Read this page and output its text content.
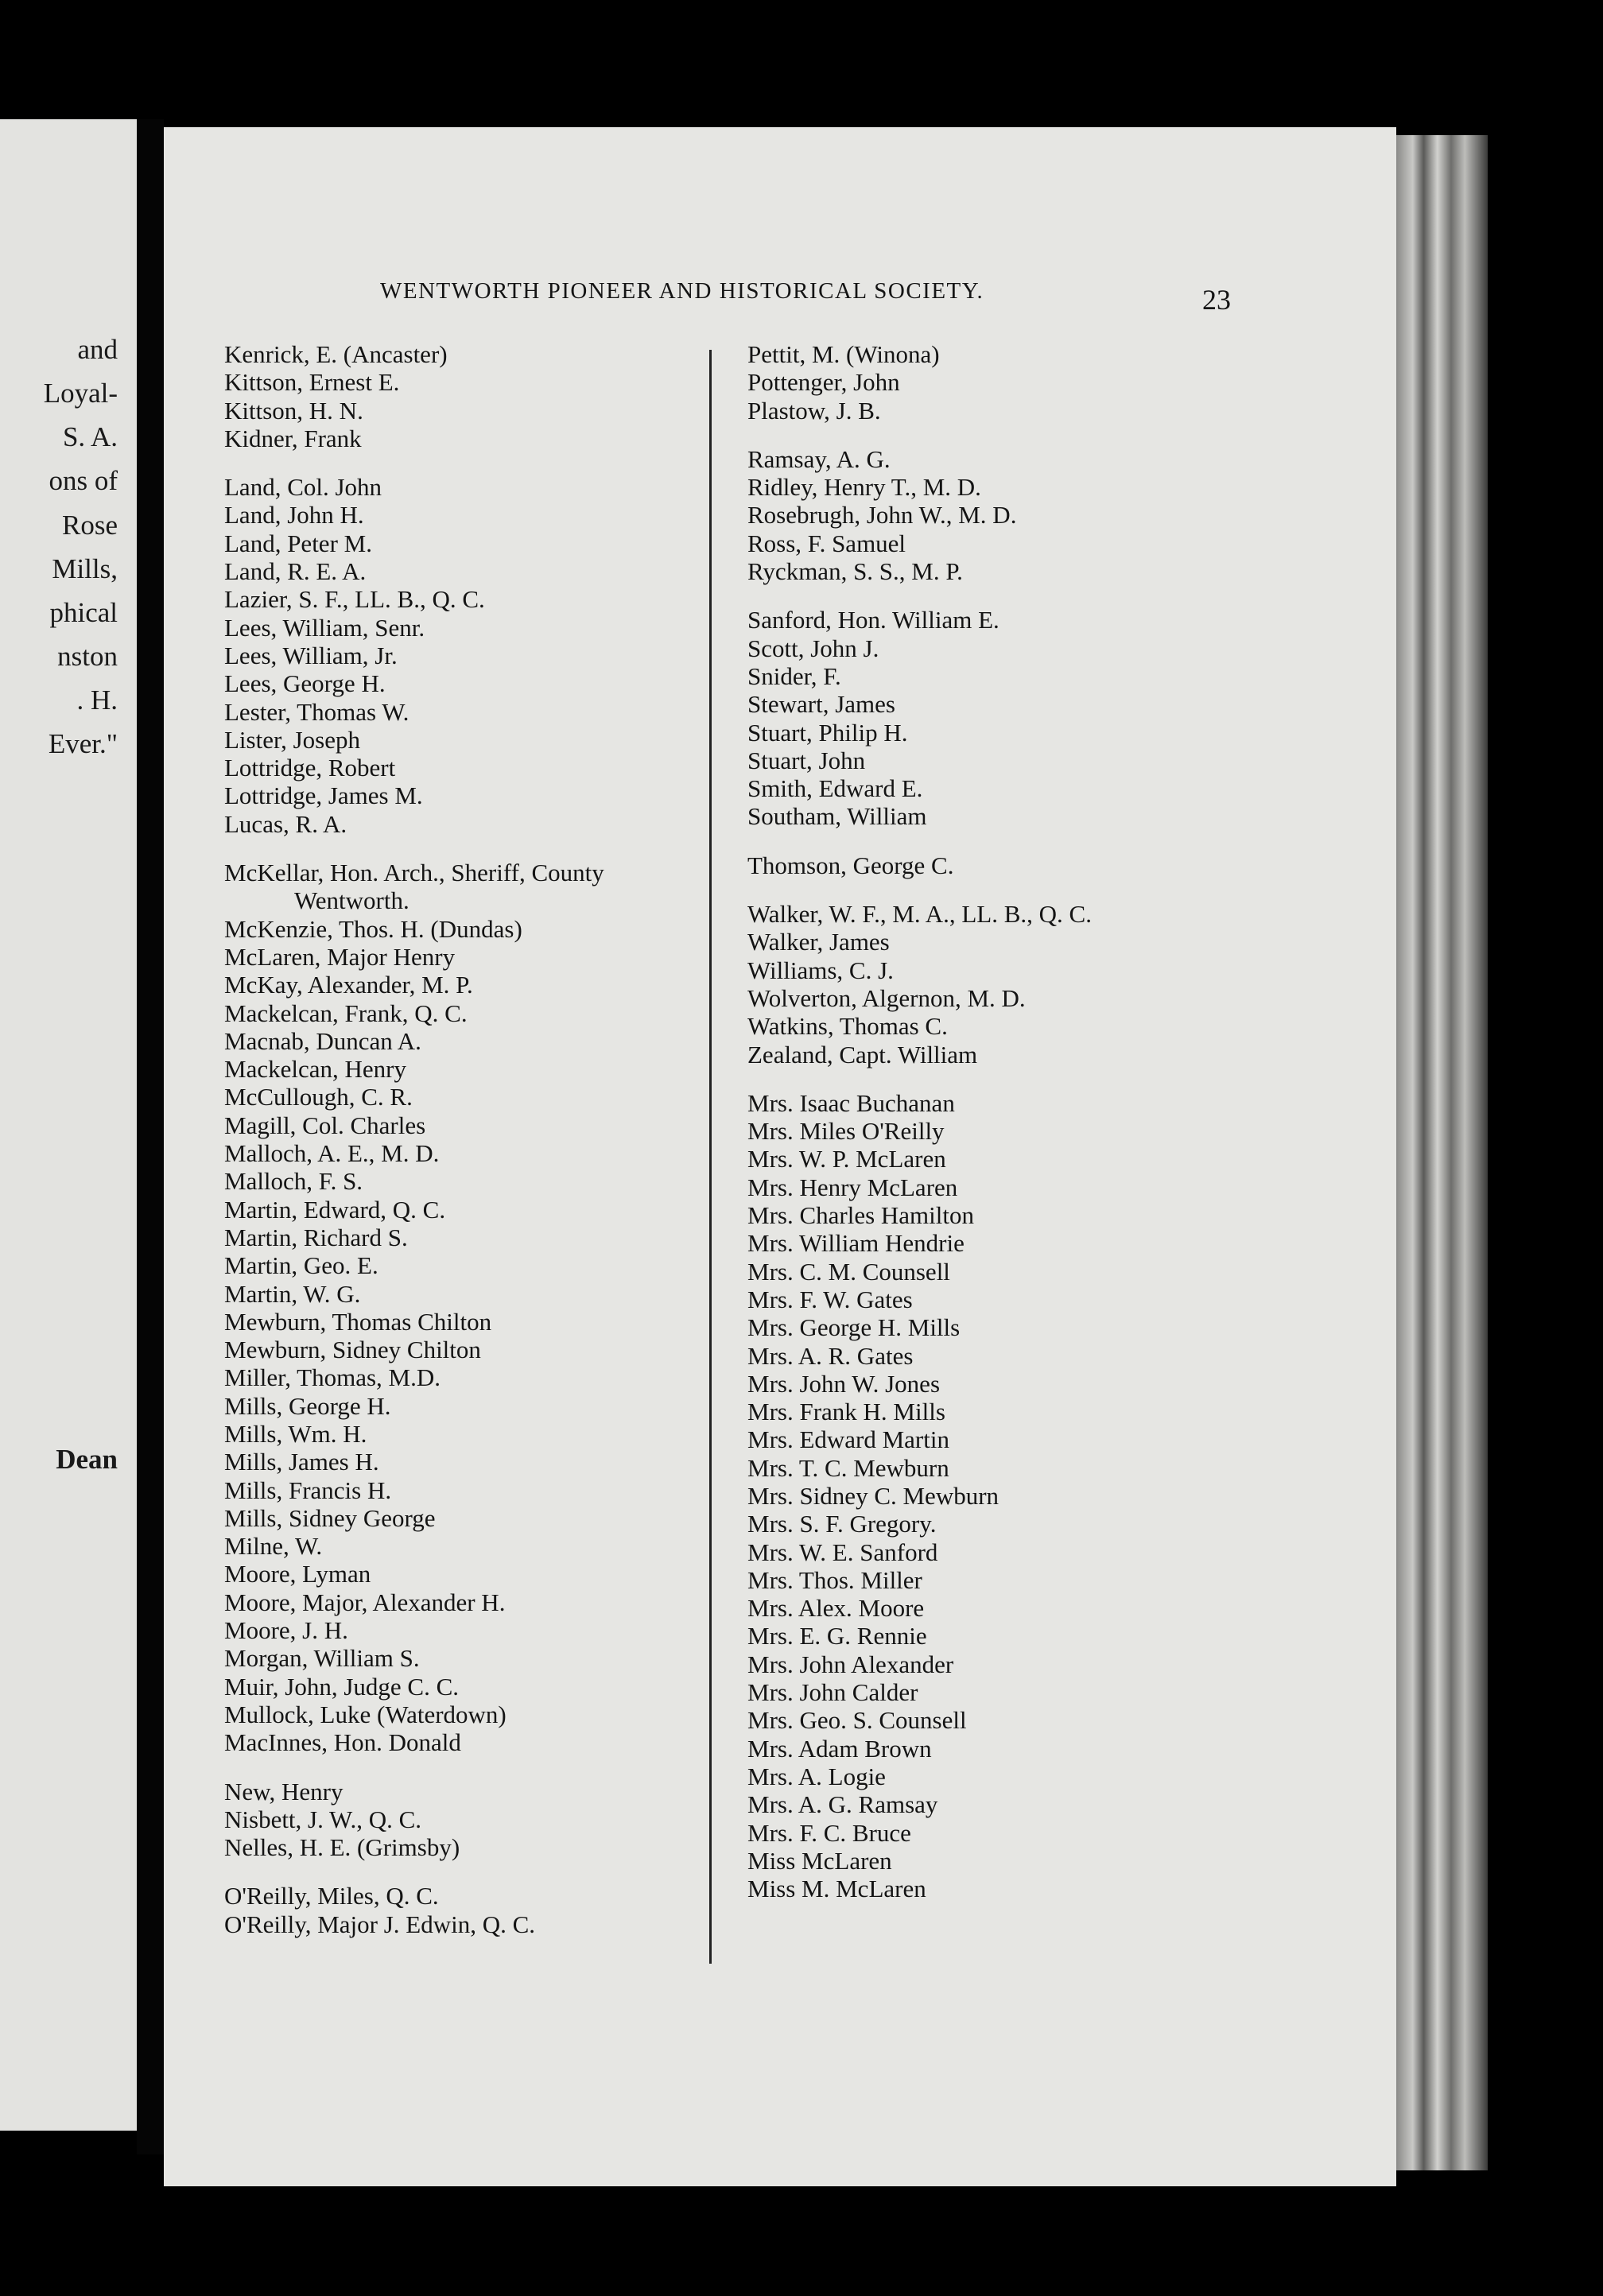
and
Loyal-
S. A.
ons of
Rose
Mills,
phical
nston
. H.
Ever."
Dean
WENTWORTH PIONEER AND HISTORICAL SOCIETY.	23
Kenrick, E. (Ancaster)
Kittson, Ernest E.
Kittson, H. N.
Kidner, Frank
Land, Col. John
Land, John H.
Land, Peter M.
Land, R. E. A.
Lazier, S. F., LL. B., Q. C.
Lees, William, Senr.
Lees, William, Jr.
Lees, George H.
Lester, Thomas W.
Lister, Joseph
Lottridge, Robert
Lottridge, James M.
Lucas, R. A.
McKellar, Hon. Arch., Sheriff, County
Wentworth.
McKenzie, Thos. H. (Dundas)
McLaren, Major Henry
McKay, Alexander, M. P.
Mackelcan, Frank, Q. C.
Macnab, Duncan A.
Mackelcan, Henry
McCullough, C. R.
Magill, Col. Charles
Malloch, A. E., M. D.
Malloch, F. S.
Martin, Edward, Q. C.
Martin, Richard S.
Martin, Geo. E.
Martin, W. G.
Mewburn, Thomas Chilton
Mewburn, Sidney Chilton
Miller, Thomas, M.D.
Mills, George H.
Mills, Wm. H.
Mills, James H.
Mills, Francis H.
Mills, Sidney George
Milne, W.
Moore, Lyman
Moore, Major, Alexander H.
Moore, J. H.
Morgan, William S.
Muir, John, Judge C. C.
Mullock, Luke (Waterdown)
MacInnes, Hon. Donald
New, Henry
Nisbett, J. W., Q. C.
Nelles, H. E. (Grimsby)
O'Reilly, Miles, Q. C.
O'Reilly, Major J. Edwin, Q. C.
Pettit, M. (Winona)
Pottenger, John
Plastow, J. B.
Ramsay, A. G.
Ridley, Henry T., M. D.
Rosebrugh, John W., M. D.
Ross, F. Samuel
Ryckman, S. S., M. P.
Sanford, Hon. William E.
Scott, John J.
Snider, F.
Stewart, James
Stuart, Philip H.
Stuart, John
Smith, Edward E.
Southam, William
Thomson, George C.
Walker, W. F., M. A., LL. B., Q. C.
Walker, James
Williams, C. J.
Wolverton, Algernon, M. D.
Watkins, Thomas C.
Zealand, Capt. William
Mrs. Isaac Buchanan
Mrs. Miles O'Reilly
Mrs. W. P. McLaren
Mrs. Henry McLaren
Mrs. Charles Hamilton
Mrs. William Hendrie
Mrs. C. M. Counsell
Mrs. F. W. Gates
Mrs. George H. Mills
Mrs. A. R. Gates
Mrs. John W. Jones
Mrs. Frank H. Mills
Mrs. Edward Martin
Mrs. T. C. Mewburn
Mrs. Sidney C. Mewburn
Mrs. S. F. Gregory.
Mrs. W. E. Sanford
Mrs. Thos. Miller
Mrs. Alex. Moore
Mrs. E. G. Rennie
Mrs. John Alexander
Mrs. John Calder
Mrs. Geo. S. Counsell
Mrs. Adam Brown
Mrs. A. Logie
Mrs. A. G. Ramsay
Mrs. F. C. Bruce
Miss McLaren
Miss M. McLaren
